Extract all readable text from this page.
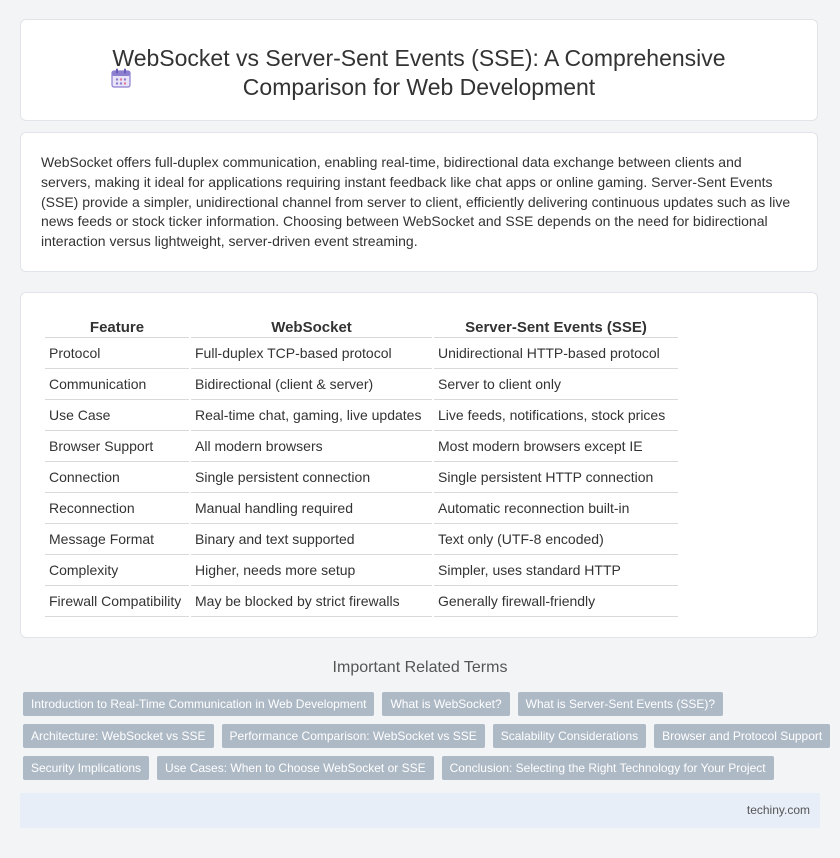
WebSocket vs Server-Sent Events (SSE): A Comprehensive
Comparison for Web Development
WebSocket offers full-duplex communication, enabling real-time, bidirectional data exchange between clients and servers, making it ideal for applications requiring instant feedback like chat apps or online gaming. Server-Sent Events (SSE) provide a simpler, unidirectional channel from server to client, efficiently delivering continuous updates such as live news feeds or stock ticker information. Choosing between WebSocket and SSE depends on the need for bidirectional interaction versus lightweight, server-driven event streaming.
Feature	WebSocket	Server-Sent Events (SSE)
Protocol	Full-duplex TCP-based protocol	Unidirectional HTTP-based protocol
Communication	Bidirectional (client & server)	Server to client only
Use Case	Real-time chat, gaming, live updates	Live feeds, notifications, stock prices
Browser Support	All modern browsers	Most modern browsers except IE
Connection	Single persistent connection	Single persistent HTTP connection
Reconnection	Manual handling required	Automatic reconnection built-in
Message Format	Binary and text supported	Text only (UTF-8 encoded)
Complexity	Higher, needs more setup	Simpler, uses standard HTTP
Firewall Compatibility	May be blocked by strict firewalls	Generally firewall-friendly
Important Related Terms
Introduction to Real-Time Communication in Web Development	What is WebSocket?	What is Server-Sent Events (SSE)?
Architecture: WebSocket vs SSE	Performance Comparison: WebSocket vs SSE	Scalability Considerations	Browser and Protocol Support
Security Implications	Use Cases: When to Choose WebSocket or SSE	Conclusion: Selecting the Right Technology for Your Project
techiny.com
